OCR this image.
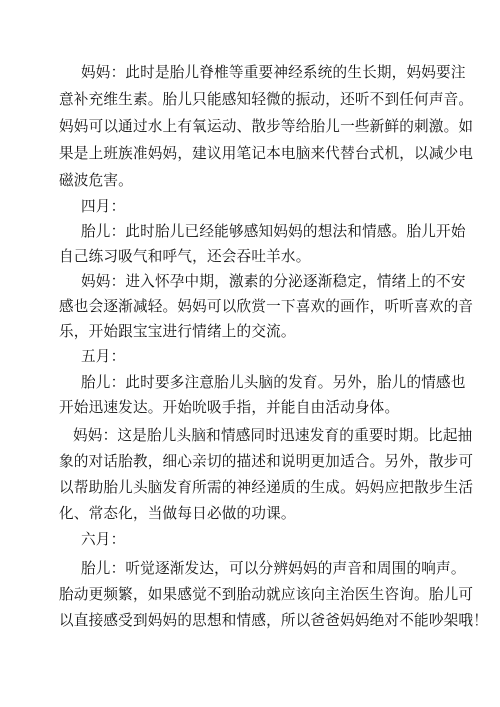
妈妈：此时是胎儿脊椎等重要神经系统的生长期，妈妈要注
意补充维生素。胎儿只能感知轻微的振动，还听不到任何声音。
妈妈可以通过水上有氧运动、散步等给胎儿一些新鲜的刺激。如
果是上班族准妈妈，建议用笔记本电脑来代替台式机，以减少电
磁波危害。
四月：
胎儿：此时胎儿已经能够感知妈妈的想法和情感。胎儿开始
自己练习吸气和呼气，还会吞吐羊水。
妈妈：进入怀孕中期，激素的分泌逐渐稳定，情绪上的不安
感也会逐渐减轻。妈妈可以欣赏一下喜欢的画作，听听喜欢的音
乐，开始跟宝宝进行情绪上的交流。
五月：
胎儿：此时要多注意胎儿头脑的发育。另外，胎儿的情感也
开始迅速发达。开始吮吸手指，并能自由活动身体。
妈妈：这是胎儿头脑和情感同时迅速发育的重要时期。比起抽
象的对话胎教，细心亲切的描述和说明更加适合。另外，散步可
以帮助胎儿头脑发育所需的神经递质的生成。妈妈应把散步生活
化、常态化，当做每日必做的功课。
六月：
胎儿：听觉逐渐发达，可以分辨妈妈的声音和周围的响声。
胎动更频繁，如果感觉不到胎动就应该向主治医生咨询。胎儿可
以直接感受到妈妈的思想和情感，所以爸爸妈妈绝对不能吵架哦！
